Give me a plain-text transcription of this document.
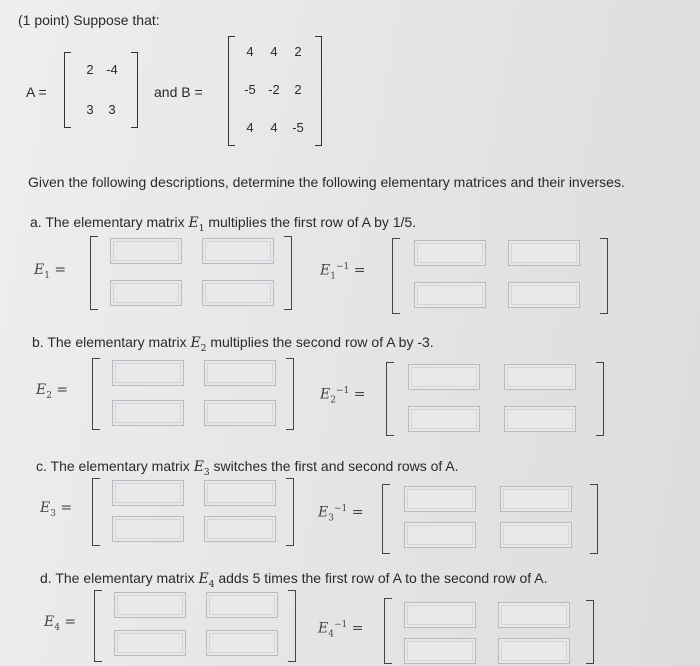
(1 point) Suppose that:
A =
2 -4
3	3
and B =
4	4	2
-5 -2	2
4	4	-5
Given the following descriptions, determine the following elementary matrices and their inverses.
a. The elementary matrix $E_1$ multiplies the first row of A by 1/5.
$E_1$ =	$E_1^{-1}$ =
b. The elementary matrix $E_2$ multiplies the second row of A by -3.
$E_2$ =	$E_2^{-1}$ =
c. The elementary matrix $E_3$ switches the first and second rows of A.
$E_3$ =	$E_3^{-1}$ =
d. The elementary matrix $E_4$ adds 5 times the first row of A to the second row of A.
$E_4$ =	$E_4^{-1}$ =
